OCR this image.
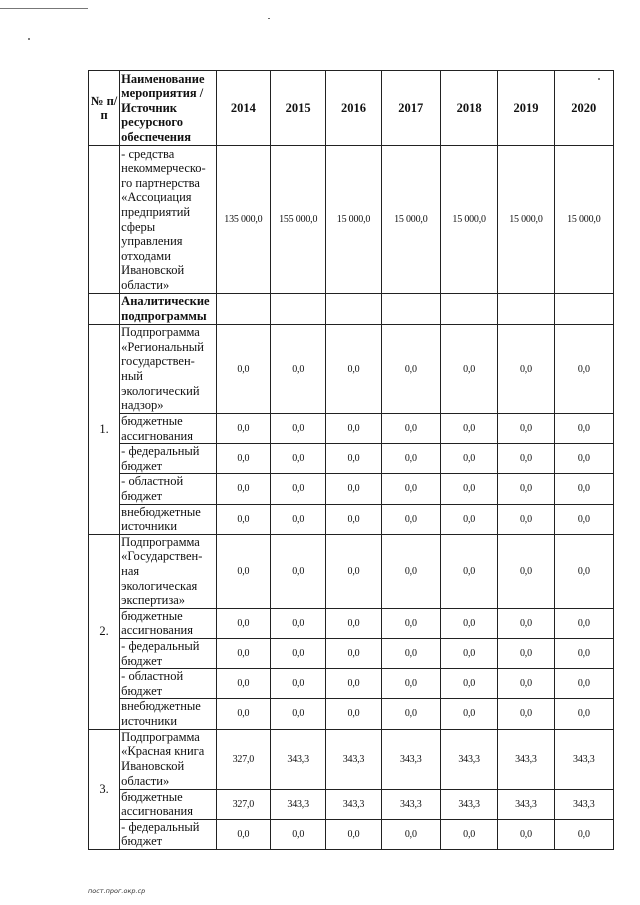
№ п/п	Наименование мероприятия / Источник ресурсного обеспечения	2014	2015	2016	2017	2018	2019	2020
	- средства некоммерческо-го партнерства «Ассоциация предприятий сферы управления отходами Ивановской области»	135 000,0	155 000,0	15 000,0	15 000,0	15 000,0	15 000,0	15 000,0
	Аналитические подпрограммы							
1.	Подпрограмма «Региональный государствен-ный экологический надзор»	0,0	0,0	0,0	0,0	0,0	0,0	0,0
	бюджетные ассигнования	0,0	0,0	0,0	0,0	0,0	0,0	0,0
	- федеральный бюджет	0,0	0,0	0,0	0,0	0,0	0,0	0,0
	- областной бюджет	0,0	0,0	0,0	0,0	0,0	0,0	0,0
	внебюджетные источники	0,0	0,0	0,0	0,0	0,0	0,0	0,0
2.	Подпрограмма «Государствен-ная экологическая экспертиза»	0,0	0,0	0,0	0,0	0,0	0,0	0,0
	бюджетные ассигнования	0,0	0,0	0,0	0,0	0,0	0,0	0,0
	- федеральный бюджет	0,0	0,0	0,0	0,0	0,0	0,0	0,0
	- областной бюджет	0,0	0,0	0,0	0,0	0,0	0,0	0,0
	внебюджетные источники	0,0	0,0	0,0	0,0	0,0	0,0	0,0
3.	Подпрограмма «Красная книга Ивановской области»	327,0	343,3	343,3	343,3	343,3	343,3	343,3
	бюджетные ассигнования	327,0	343,3	343,3	343,3	343,3	343,3	343,3
	- федеральный бюджет	0,0	0,0	0,0	0,0	0,0	0,0	0,0
пост.прог.окр.ср
